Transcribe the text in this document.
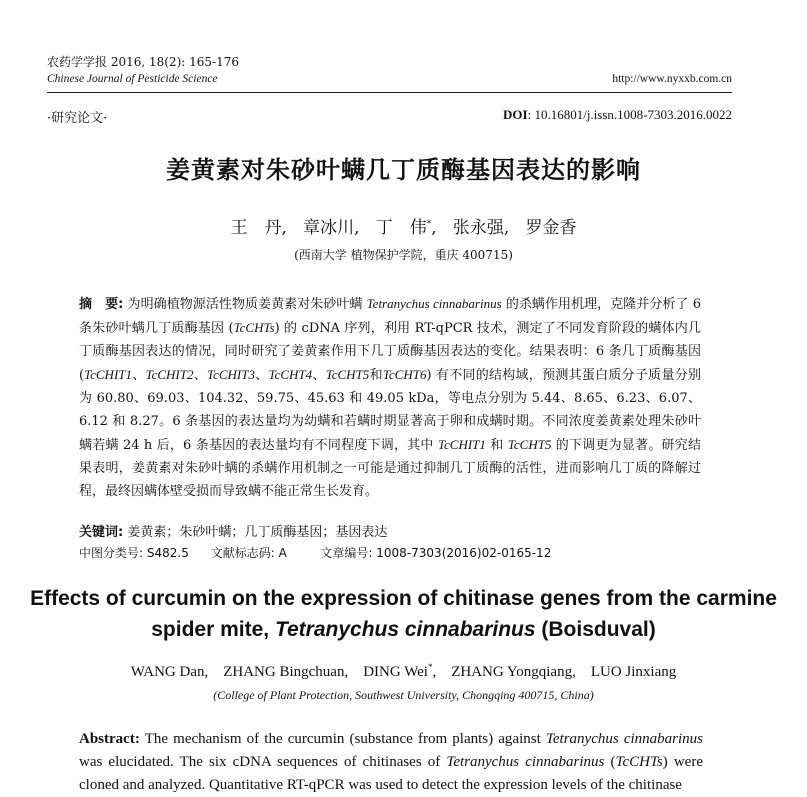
农药学学报 2016, 18(2): 165-176
Chinese Journal of Pesticide Science	http://www.nyxxb.com.cn
·研究论文·	DOI: 10.16801/j.issn.1008-7303.2016.0022
姜黄素对朱砂叶螨几丁质酶基因表达的影响
王　丹, 章冰川, 丁　伟*, 张永强, 罗金香
(西南大学 植物保护学院，重庆 400715)

摘　要: 为明确植物源活性物质姜黄素对朱砂叶螨 Tetranychus cinnabarinus 的杀螨作用机理，克隆并分析了 6 条朱砂叶螨几丁质酶基因 (TcCHTs) 的 cDNA 序列，利用 RT-qPCR 技术，测定了不同发育阶段的螨体内几丁质酶基因表达的情况，同时研究了姜黄素作用下几丁质酶基因表达的变化。结果表明：6 条几丁质酶基因 (TcCHIT1、TcCHIT2、TcCHIT3、TcCHT4、TcCHT5和TcCHT6) 有不同的结构域，预测其蛋白质分子质量分别为 60.80、69.03、104.32、59.75、45.63 和 49.05 kDa，等电点分别为 5.44、8.65、6.23、6.07、6.12 和 8.27。6 条基因的表达量均为幼螨和若螨时期显著高于卵和成螨时期。不同浓度姜黄素处理朱砂叶螨若螨 24 h 后，6 条基因的表达量均有不同程度下调，其中 TcCHIT1 和 TcCHT5 的下调更为显著。研究结果表明，姜黄素对朱砂叶螨的杀螨作用机制之一可能是通过抑制几丁质酶的活性，进而影响几丁质的降解过程，最终因螨体壁受损而导致螨不能正常生长发育。

关键词: 姜黄素；朱砂叶螨；几丁质酶基因；基因表达
中图分类号: S482.5 文献标志码: A	文章编号: 1008-7303(2016)02-0165-12
Effects of curcumin on the expression of chitinase genes from the carmine
spider mite, Tetranychus cinnabarinus (Boisduval)
WANG Dan, ZHANG Bingchuan, DING Wei*, ZHANG Yongqiang, LUO Jinxiang
(College of Plant Protection, Southwest University, Chongqing 400715, China)

Abstract: The mechanism of the curcumin (substance from plants) against Tetranychus cinnabarinus was elucidated. The six cDNA sequences of chitinases of Tetranychus cinnabarinus (TcCHTs) were cloned and analyzed. Quantitative RT-qPCR was used to detect the expression levels of the chitinase
